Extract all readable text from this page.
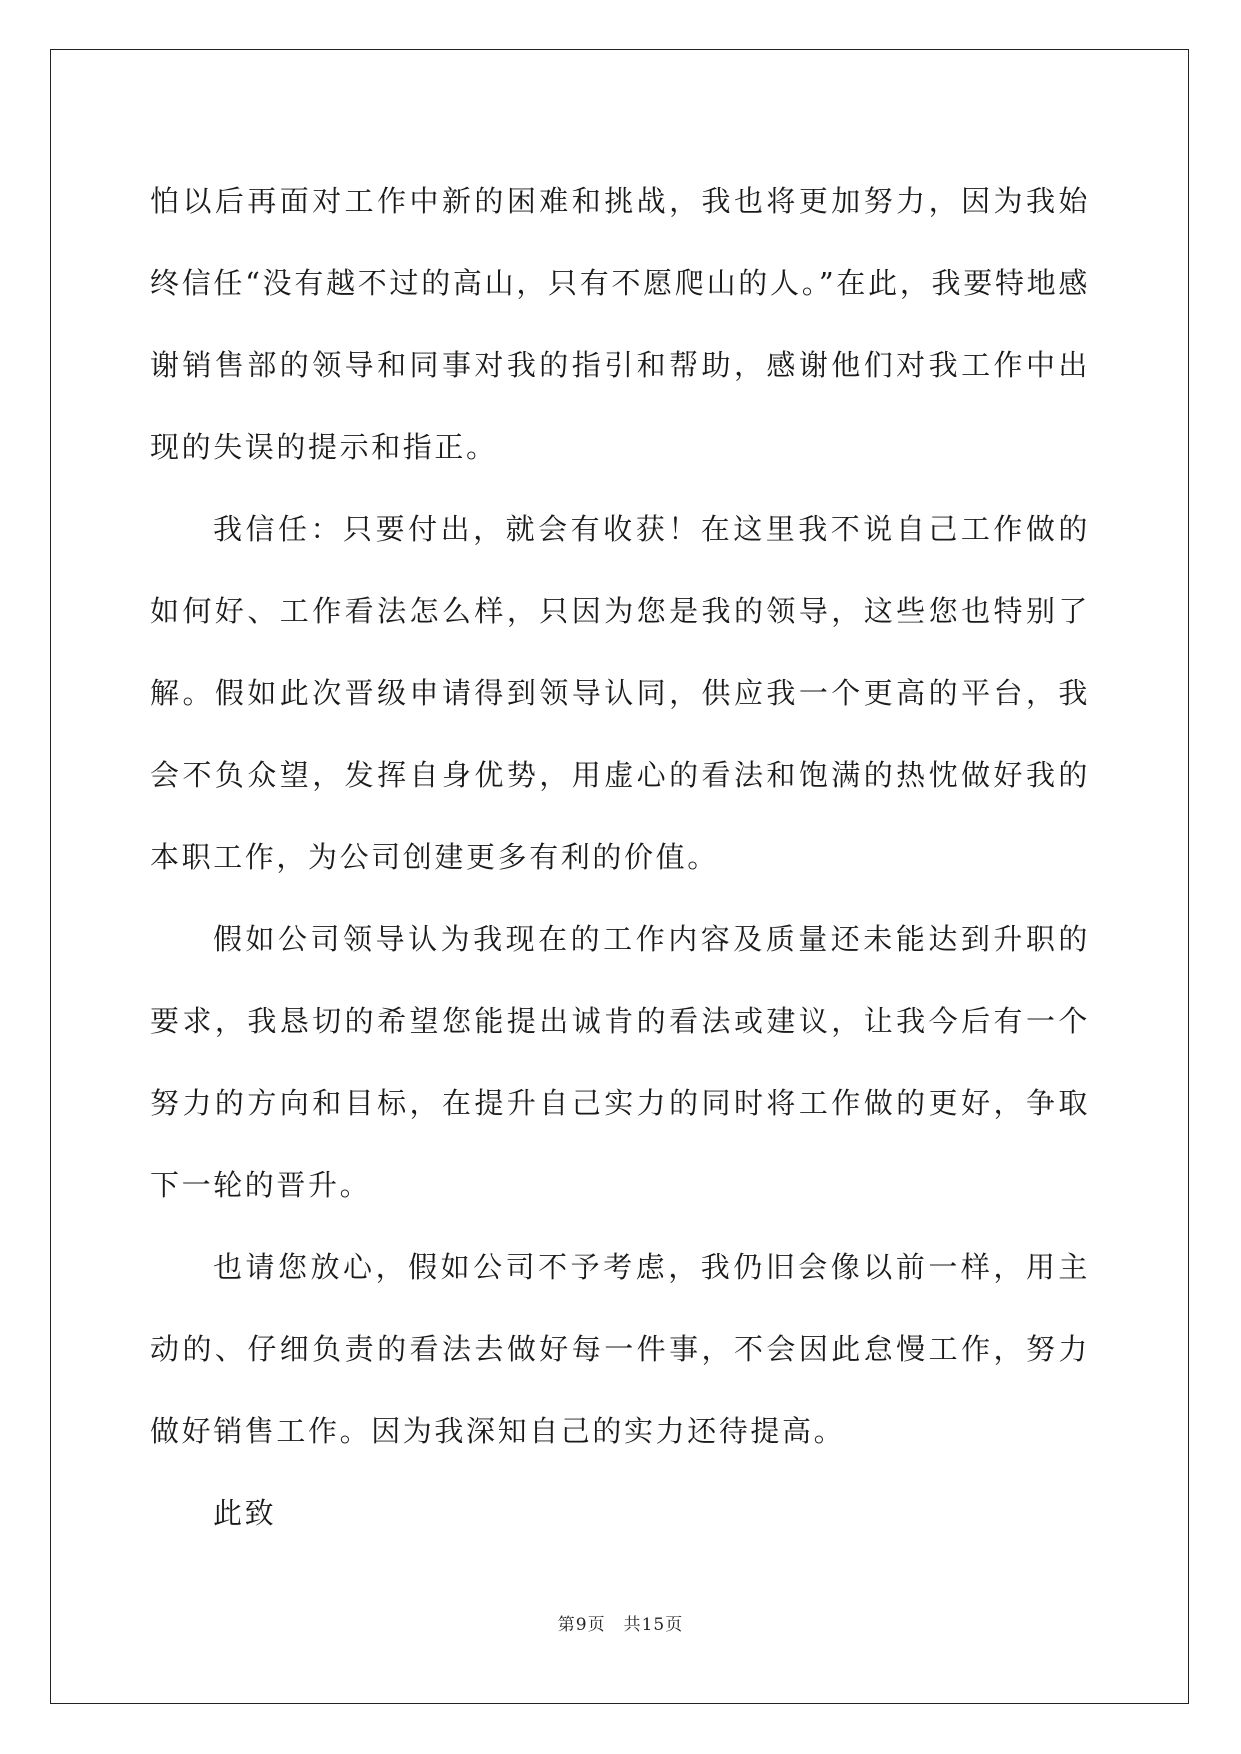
怕以后再面对工作中新的困难和挑战，我也将更加努力，因为我始终信任“没有越不过的高山，只有不愿爬山的人。”在此，我要特地感谢销售部的领导和同事对我的指引和帮助，感谢他们对我工作中出现的失误的提示和指正。

我信任：只要付出，就会有收获！在这里我不说自己工作做的如何好、工作看法怎么样，只因为您是我的领导，这些您也特别了解。假如此次晋级申请得到领导认同，供应我一个更高的平台，我会不负众望，发挥自身优势，用虚心的看法和饱满的热忱做好我的本职工作，为公司创建更多有利的价值。

假如公司领导认为我现在的工作内容及质量还未能达到升职的要求，我恳切的希望您能提出诚肯的看法或建议，让我今后有一个努力的方向和目标，在提升自己实力的同时将工作做的更好，争取下一轮的晋升。

也请您放心，假如公司不予考虑，我仍旧会像以前一样，用主动的、仔细负责的看法去做好每一件事，不会因此怠慢工作，努力做好销售工作。因为我深知自己的实力还待提高。

此致

第9页　共15页
